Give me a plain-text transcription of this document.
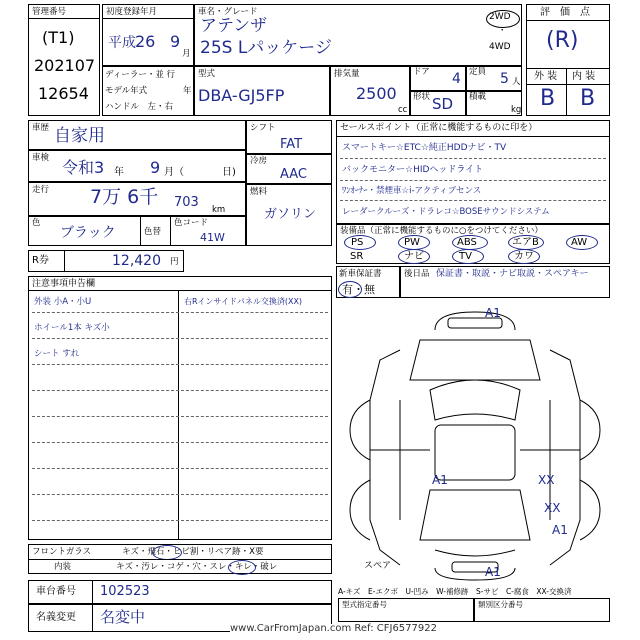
管理番号
(T1)
202107
12654
初度登録年月
平成 26 9
月
車名・グレード
アテンザ
25S Lパッケージ
2WD
・
4WD
評　価　点
(R)
外 装 内 装
B B
ディーラー・並 行
モデル年式	年
ハンドル　左・右
型式
DBA-GJ5FP
排気量
2500
cc
ドア 4 定員 5 人
形状 SD 積載
kg
車歴 自家用
車検 令和3 年 9 月（	日)
走行 7万 6千 703 km
色
ブラック	色替
色コード
41W
シフト
FAT
冷房
AAC
燃料
ガソリン
R券	12,420 円
セールスポイント（正常に機能するものに印を）
スマートキー☆ETC☆純正HDDナビ・TV
バックモニター☆HIDヘッドライト
ﾜﾝｵｰﾅｰ・禁煙車☆i-アクティブセンス
レーダークルーズ・ドラレコ☆BOSEサウンドシステム
装備品（正常に機能するものに○をつけてください）
PS	PW	ABS	エアB	AW
SR	ナビ	TV	カワ
新車保証書
有・無
後日品 保証書・取説・ナビ取説・スペアキー
注意事項申告欄
外装 小A・小U	右Rインサイドパネル交換済(XX)
ホイール1本 キズ小
シート すれ
フロントガラス	キズ・飛石・ヒビ割・リペア跡・X要
内装	キズ・汚レ・コゲ・穴・スレ・キレ・破レ
車台番号 102523
名義変更 名変中
A1
A1	XX
XX
A1
A1
スペア
A-キズ　E-エクボ　U-凹み　W-補修跡　S-サビ　C-腐食　XX-交換済
型式指定番号	類別区分番号
www.CarFromJapan.com Ref: CFJ6577922
